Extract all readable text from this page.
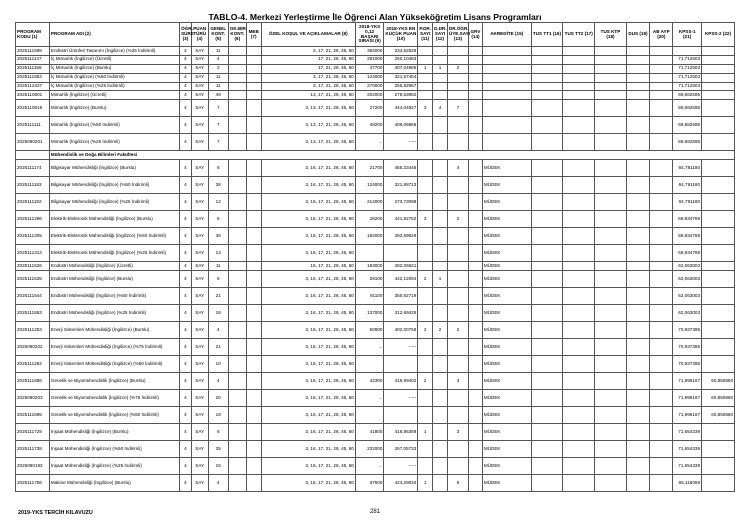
TABLO-4. Merkezi Yerleştirme İle Öğrenci Alan Yükseköğretim Lisans Programları
PROGRAM KODU (1)	PROGRAM ADI (2)	ÖĞR. SÜRE (3)	PUAN TÜRÜ (4)	GENEL KONT. (5)	OK.BİR. KONT. (6)	MEB (7)	ÖZEL KOŞUL VE AÇIKLAMALAR (8)	2018-YKS 0,12 BAŞARI SIRASI (9)	2018-YKS EN KÜÇÜK PUAN (10)	P.DR. SAYI (11)	D.DR. SAYI (12)	DR.ÖĞR. ÜYE.SAYI (13)	GRV (14)	AKREDİTE (15)	TUS TT1 (16)	TUS TT2 (17)	TUS KTP (18)	DUS (19)	AB AYP (20)	KPSS-1 (21)	KPSS-2 (22)
2025111598	Endüstri Ürünleri Tasarımı (İngilizce) (%25 İndirimli)	4	SAY	11			3, 17, 21, 28, 45, 60	364000	234,62628												
2025111147	İç Mimarlık (İngilizce) (Ücretli)	4	SAY	4			17, 21, 28, 45, 60	291000	250,10483											71,712503	
2025111156	İç Mimarlık (İngilizce) (Burslu)	4	SAY	3			17, 21, 28, 45, 60	47700	407,04985	1	1	2								71,712503	
2025111853	İç Mimarlık (İngilizce) (%50 İndirimli)	4	SAY	11			3, 17, 21, 28, 45, 60	124000	321,57454											71,712503	
2025112427	İç Mimarlık (İngilizce) (%25 İndirimli)	4	SAY	11			3, 17, 21, 28, 45, 60	270000	255,82967											71,712503	
2025110801	Mimarlık (İngilizce) (Ücretli)	4	SAY	49			13, 17, 21, 28, 45, 60	202000	278,53982											69,682595	
2025110819	Mimarlık (İngilizce) (Burslu)	4	SAY	7			3, 13, 17, 21, 28, 45, 60	27200	444,04927	3	4	7								69,682595	
2025111111	Mimarlık (İngilizce) (%50 İndirimli)	4	SAY	7			3, 13, 17, 21, 28, 45, 60	48200	406,06966											69,682595	
2025090201	Mimarlık (İngilizce) (%25 İndirimli)	4	SAY	7			3, 13, 17, 21, 28, 45, 60	...	-----											69,682595	
	Mühendislik ve Doğa Bilimleri Fakültesi																				
2025111174	Bilgisayar Mühendisliği (İngilizce) (Burslu)	4	SAY	6			3, 16, 17, 21, 28, 45, 60	21700	455,33446			4		MÜDEK						64,791180	
2025111183	Bilgisayar Mühendisliği (İngilizce) (%50 İndirimli)	4	SAY	38			3, 16, 17, 21, 28, 45, 60	124000	321,88713					MÜDEK						64,791180	
2025111192	Bilgisayar Mühendisliği (İngilizce) (%25 İndirimli)	4	SAY	12			3, 16, 17, 21, 28, 45, 60	214000	273,73098					MÜDEK						64,791180	
2025111296	Elektrik-Elektronik Mühendisliği (İngilizce) (Burslu)	4	SAY	6			3, 16, 17, 21, 28, 45, 60	28200	441,92762	3		2		MÜDEK						69,934769	
2025111305	Elektrik-Elektronik Mühendisliği (İngilizce) (%50 İndirimli)	4	SAY	36			3, 16, 17, 21, 28, 45, 60	192000	282,59826					MÜDEK						69,934769	
2025111314	Elektrik-Elektronik Mühendisliği (İngilizce) (%25 İndirimli)	4	SAY	14			3, 16, 17, 21, 28, 45, 60							MÜDEK						69,934769	
2025111526	Endüstri Mühendisliği (İngilizce) (Ücretli)	4	SAY	11			16, 17, 21, 28, 45, 60	193000	282,06621					MÜDEK						62,063003	
2025111535	Endüstri Mühendisliği (İngilizce) (Burslu)	4	SAY	6			3, 16, 17, 21, 28, 45, 60	28100	442,12094	2	1			MÜDEK						62,063003	
2025111544	Endüstri Mühendisliği (İngilizce) (%50 İndirimli)	4	SAY	21			3, 16, 17, 21, 28, 45, 60	91100	350,82719					MÜDEK						62,063003	
2025111553	Endüstri Mühendisliği (İngilizce) (%25 İndirimli)	4	SAY	18			3, 16, 17, 21, 28, 45, 60	137000	312,69425					MÜDEK						62,063003	
2025111253	Enerji Sistemleri Mühendisliği (İngilizce) (Burslu)	4	SAY	4			3, 16, 17, 21, 28, 45, 60	50900	402,00758	2	2	2		MÜDEK						70,937395	
2025090202	Enerji Sistemleri Mühendisliği (İngilizce) (%75 İndirimli)	4	SAY	21			3, 16, 17, 21, 28, 45, 60	...	-----					MÜDEK						70,937395	
2025111262	Enerji Sistemleri Mühendisliği (İngilizce) (%50 İndirimli)	4	SAY	10			3, 16, 17, 21, 28, 45, 60							MÜDEK						70,937395	
2025111686	Genetik ve Biyomühendislik (İngilizce) (Burslu)	4	SAY	4			3, 16, 17, 21, 28, 45, 60	42300	415,99402	2		3		MÜDEK						71,996167	60,850860
2025090203	Genetik ve Biyomühendislik (İngilizce) (%75 İndirimli)	4	SAY	20			3, 16, 17, 21, 28, 45, 60	...	-----					MÜDEK						71,996167	60,850860
2025111695	Genetik ve Biyomühendislik (İngilizce) (%50 İndirimli)	4	SAY	18			3, 16, 17, 21, 28, 45, 60							MÜDEK						71,996167	60,850860
2025111729	İnşaat Mühendisliği (İngilizce) (Burslu)	4	SAY	6			3, 16, 17, 21, 28, 45, 60	41800	416,86368	1		3		MÜDEK						71,654339	
2025111738	İnşaat Mühendisliği (İngilizce) (%50 İndirimli)	4	SAY	35			3, 16, 17, 21, 28, 45, 60	232000	267,05733					MÜDEK						71,654339	
2025090193	İnşaat Mühendisliği (İngilizce) (%25 İndirimli)	4	SAY	15			3, 16, 17, 21, 28, 45, 60	...	-----					MÜDEK						71,654339	
2025111756	Makine Mühendisliği (İngilizce) (Burslu)	4	SAY	4			3, 16, 17, 21, 28, 45, 60	37500	424,29034	1		5		MÜDEK						65,116059	
2019-YKS TERCİH KILAVUZU	281
